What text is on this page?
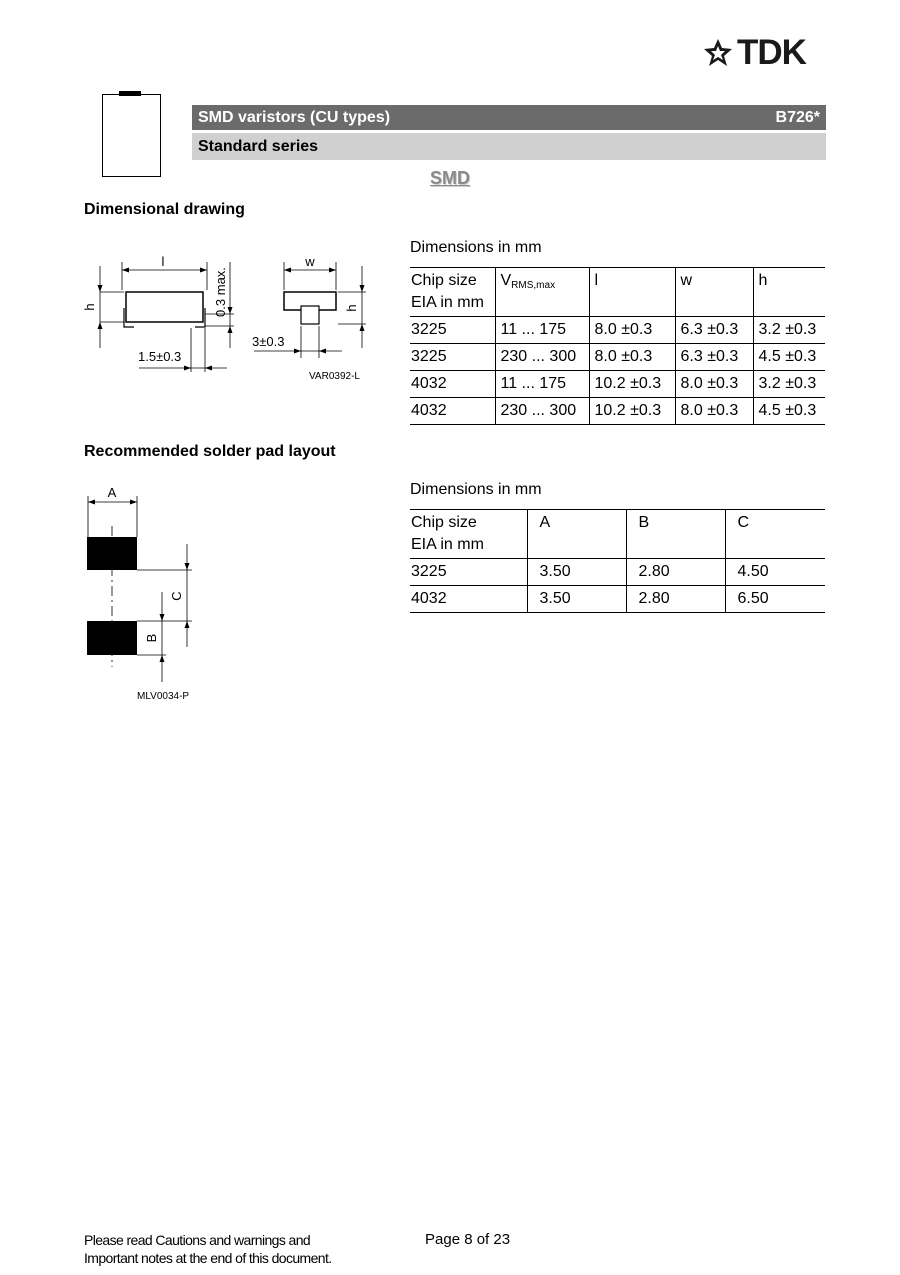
TDK
SMD varistors (CU types)	B726*
Standard series
SMD
Dimensional drawing
l
h	0.3 max.
1.5±0.3
w
h
3±0.3
VAR0392-L
Dimensions in mm
Chip size
EIA in mm	$V_{RMS,max}$	l	w	h
3225	11 ... 175	8.0 ±0.3	6.3 ±0.3	3.2 ±0.3
3225	230 ... 300	8.0 ±0.3	6.3 ±0.3	4.5 ±0.3
4032	11 ... 175	10.2 ±0.3	8.0 ±0.3	3.2 ±0.3
4032	230 ... 300	10.2 ±0.3	8.0 ±0.3	4.5 ±0.3
Recommended solder pad layout
A
C
B
MLV0034-P
Dimensions in mm
Chip size
EIA in mm	A	B	C
3225	3.50	2.80	4.50
4032	3.50	2.80	6.50
Please read Cautions and warnings and
Important notes at the end of this document.
Page 8 of 23
